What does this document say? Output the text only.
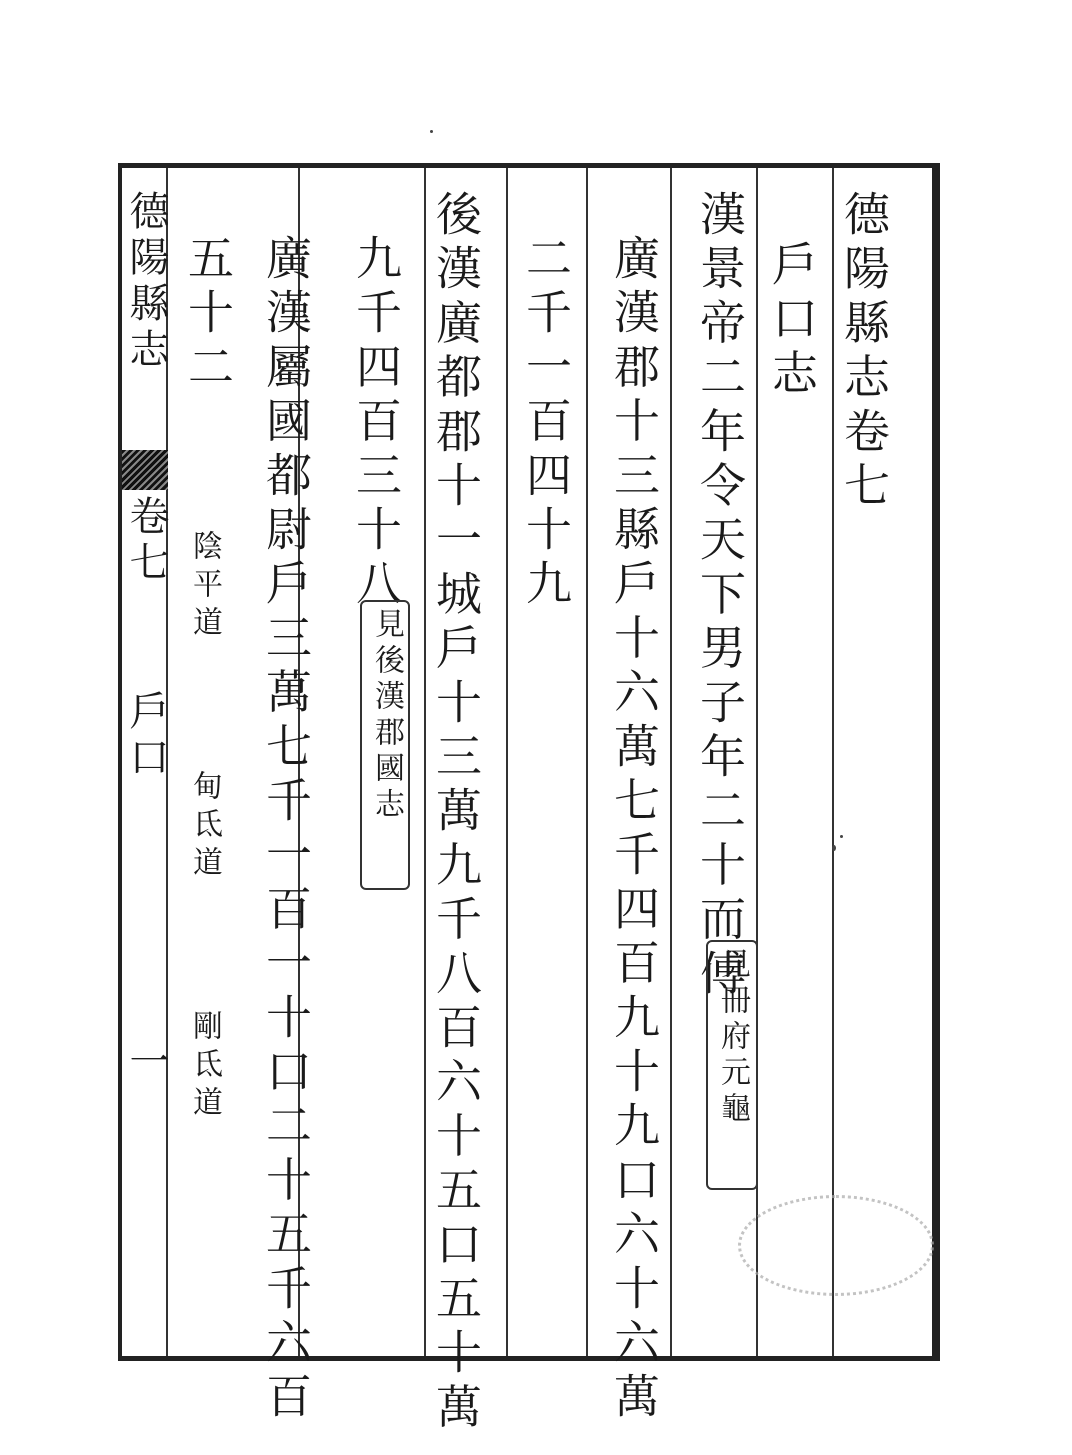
德陽縣志卷七
戶口志
漢景帝二年令天下男子年二十而傅
見冊府元龜
廣漢郡十三縣戶十六萬七千四百九十九口六十六萬
二千一百四十九
後漢廣都郡十一城戶十三萬九千八百六十五口五十萬
九千四百三十八
見後漢郡國志
廣漢屬國都尉戶三萬七千一百一十口二十五千六百
五十二
陰平道
甸氐道
剛氐道
德陽縣志
卷七
戶口
一
